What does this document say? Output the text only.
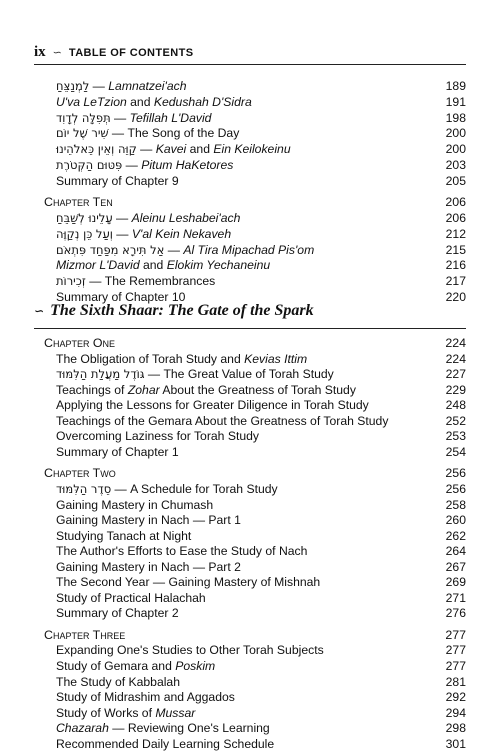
ix ∽ TABLE OF CONTENTS
לַמְנַצֵּחַ — Lamnatzei'ach	189
U'va LeTzion and Kedushah D'Sidra	191
תְּפִלָּה לְדָוִד — Tefillah L'David	198
שִׁיר שֶׁל יוֹם — The Song of the Day	200
קַוֵּה וְאֵין כֵּאלֹהֵינוּ — Kavei and Ein Keilokeinu	200
פִּטּוּם הַקְּטֹרֶת — Pitum HaKetores	203
Summary of Chapter 9	205
Chapter Ten	206
עָלֵינוּ לְשַׁבֵּחַ — Aleinu Leshabei'ach	206
וְעַל כֵּן נְקַוֶּה — V'al Kein Nekaveh	212
אַל תִּירָא מִפַּחַד פִּתְאֹם — Al Tira Mipachad Pis'om	215
Mizmor L'David and Elokim Yechaneinu	216
זְכִירוֹת — The Remembrances	217
Summary of Chapter 10	220
∽ The Sixth Shaar: The Gate of the Spark
Chapter One	224
The Obligation of Torah Study and Kevias Ittim	224
גּוֹדֶל מַעֲלַת הַלִּמּוּד — The Great Value of Torah Study	227
Teachings of Zohar About the Greatness of Torah Study	229
Applying the Lessons for Greater Diligence in Torah Study	248
Teachings of the Gemara About the Greatness of Torah Study	252
Overcoming Laziness for Torah Study	253
Summary of Chapter 1	254
Chapter Two	256
סֵדֶר הַלִּמּוּד — A Schedule for Torah Study	256
Gaining Mastery in Chumash	258
Gaining Mastery in Nach — Part 1	260
Studying Tanach at Night	262
The Author's Efforts to Ease the Study of Nach	264
Gaining Mastery in Nach — Part 2	267
The Second Year — Gaining Mastery of Mishnah	269
Study of Practical Halachah	271
Summary of Chapter 2	276
Chapter Three	277
Expanding One's Studies to Other Torah Subjects	277
Study of Gemara and Poskim	277
The Study of Kabbalah	281
Study of Midrashim and Aggados	292
Study of Works of Mussar	294
Chazarah — Reviewing One's Learning	298
Recommended Daily Learning Schedule	301
